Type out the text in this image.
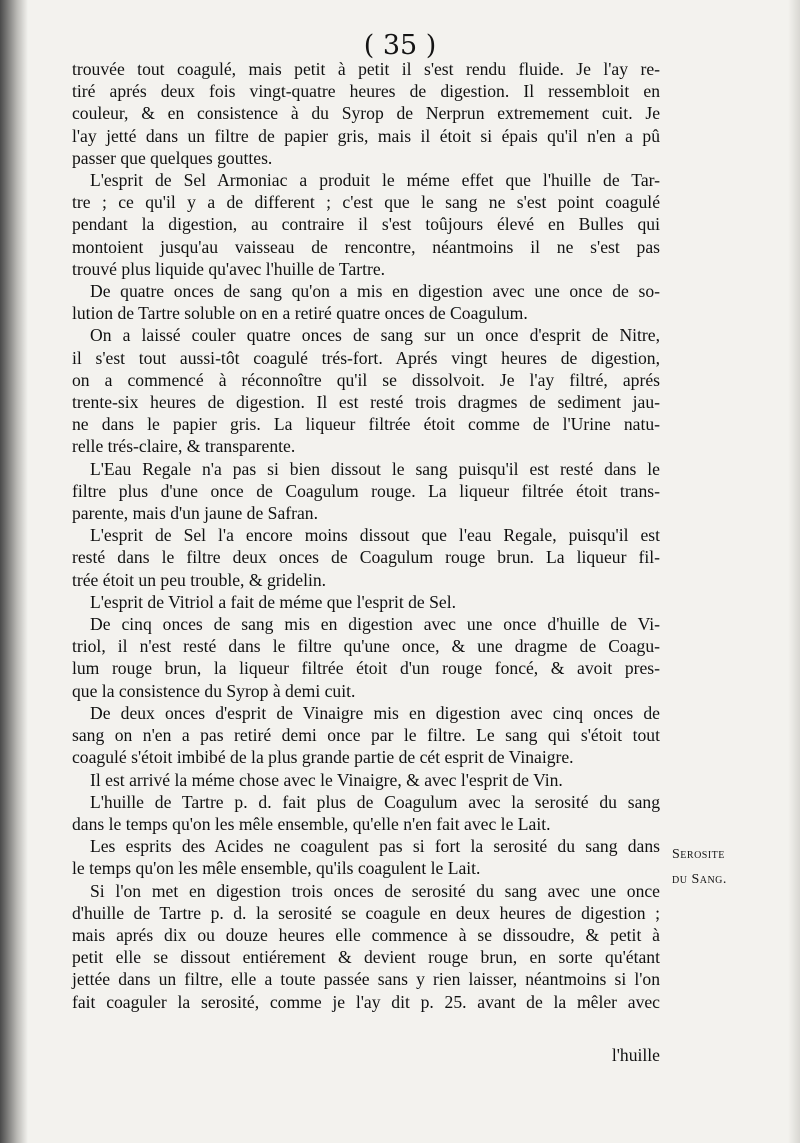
( 35 )

trouvée tout coagulé, mais petit à petit il s'est rendu fluide. Je l'ay re-
tiré aprés deux fois vingt-quatre heures de digestion. Il ressembloit en
couleur, & en consistence à du Syrop de Nerprun extremement cuit. Je
l'ay jetté dans un filtre de papier gris, mais il étoit si épais qu'il n'en a pû
passer que quelques gouttes.

L'esprit de Sel Armoniac a produit le méme effet que l'huille de Tar-
tre ; ce qu'il y a de different ; c'est que le sang ne s'est point coagulé
pendant la digestion, au contraire il s'est toûjours élevé en Bulles qui
montoient jusqu'au vaisseau de rencontre, néantmoins il ne s'est pas
trouvé plus liquide qu'avec l'huille de Tartre.

De quatre onces de sang qu'on a mis en digestion avec une once de so-
lution de Tartre soluble on en a retiré quatre onces de Coagulum.

On a laissé couler quatre onces de sang sur un once d'esprit de Nitre,
il s'est tout aussi-tôt coagulé trés-fort. Aprés vingt heures de digestion,
on a commencé à réconnoître qu'il se dissolvoit. Je l'ay filtré, aprés
trente-six heures de digestion. Il est resté trois dragmes de sediment jau-
ne dans le papier gris. La liqueur filtrée étoit comme de l'Urine natu-
relle trés-claire, & transparente.

L'Eau Regale n'a pas si bien dissout le sang puisqu'il est resté dans le
filtre plus d'une once de Coagulum rouge. La liqueur filtrée étoit trans-
parente, mais d'un jaune de Safran.

L'esprit de Sel l'a encore moins dissout que l'eau Regale, puisqu'il est
resté dans le filtre deux onces de Coagulum rouge brun. La liqueur fil-
trée étoit un peu trouble, & gridelin.

L'esprit de Vitriol a fait de méme que l'esprit de Sel.

De cinq onces de sang mis en digestion avec une once d'huille de Vi-
triol, il n'est resté dans le filtre qu'une once, & une dragme de Coagu-
lum rouge brun, la liqueur filtrée étoit d'un rouge foncé, & avoit pres-
que la consistence du Syrop à demi cuit.

De deux onces d'esprit de Vinaigre mis en digestion avec cinq onces de
sang on n'en a pas retiré demi once par le filtre. Le sang qui s'étoit tout
coagulé s'étoit imbibé de la plus grande partie de cét esprit de Vinaigre.

Il est arrivé la méme chose avec le Vinaigre, & avec l'esprit de Vin.

L'huille de Tartre p. d. fait plus de Coagulum avec la serosité du sang
dans le temps qu'on les mêle ensemble, qu'elle n'en fait avec le Lait.

Les esprits des Acides ne coagulent pas si fort la serosité du sang dans
le temps qu'on les mêle ensemble, qu'ils coagulent le Lait.

Si l'on met en digestion trois onces de serosité du sang avec une once
d'huille de Tartre p. d. la serosité se coagule en deux heures de digestion ;
mais aprés dix ou douze heures elle commence à se dissoudre, & petit à
petit elle se dissout entiérement & devient rouge brun, en sorte qu'étant
jettée dans un filtre, elle a toute passée sans y rien laisser, néantmoins si l'on
fait coaguler la serosité, comme je l'ay dit p. 25. avant de la mêler avec

Serosite
du Sang.
l'huille
